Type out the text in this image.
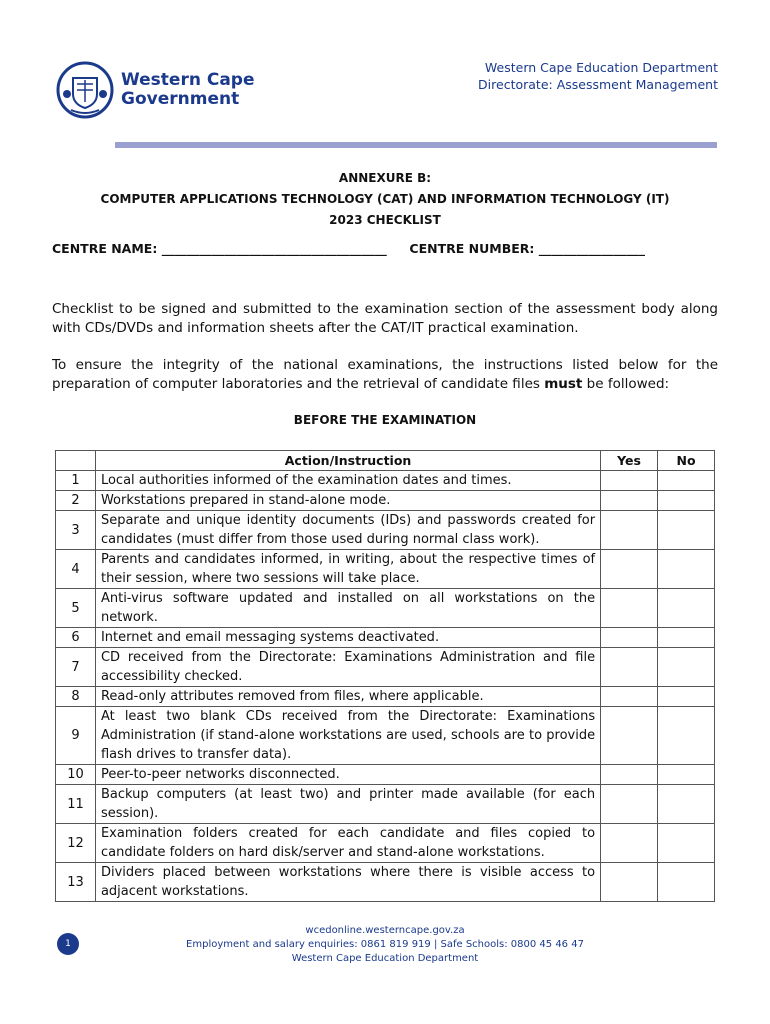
Western Cape
Government
Western Cape Education Department
Directorate: Assessment Management
ANNEXURE B:
COMPUTER APPLICATIONS TECHNOLOGY (CAT) AND INFORMATION TECHNOLOGY (IT)
2023 CHECKLIST
CENTRE NAME: ____________________________________ CENTRE NUMBER: _________________

Checklist to be signed and submitted to the examination section of the assessment body along with CDs/DVDs and information sheets after the CAT/IT practical examination.

To ensure the integrity of the national examinations, the instructions listed below for the preparation of computer laboratories and the retrieval of candidate files must be followed:

BEFORE THE EXAMINATION
	Action/Instruction	Yes	No
1	Local authorities informed of the examination dates and times.		
2	Workstations prepared in stand-alone mode.		
3	Separate and unique identity documents (IDs) and passwords created for candidates (must differ from those used during normal class work).		
4	Parents and candidates informed, in writing, about the respective times of their session, where two sessions will take place.		
5	Anti-virus software updated and installed on all workstations on the network.		
6	Internet and email messaging systems deactivated.		
7	CD received from the Directorate: Examinations Administration and file accessibility checked.		
8	Read-only attributes removed from files, where applicable.		
9	At least two blank CDs received from the Directorate: Examinations Administration (if stand-alone workstations are used, schools are to provide flash drives to transfer data).		
10	Peer-to-peer networks disconnected.		
11	Backup computers (at least two) and printer made available (for each session).		
12	Examination folders created for each candidate and files copied to candidate folders on hard disk/server and stand-alone workstations.		
13	Dividers placed between workstations where there is visible access to adjacent workstations.		
1
wcedonline.westerncape.gov.za
Employment and salary enquiries: 0861 819 919 | Safe Schools: 0800 45 46 47
Western Cape Education Department
